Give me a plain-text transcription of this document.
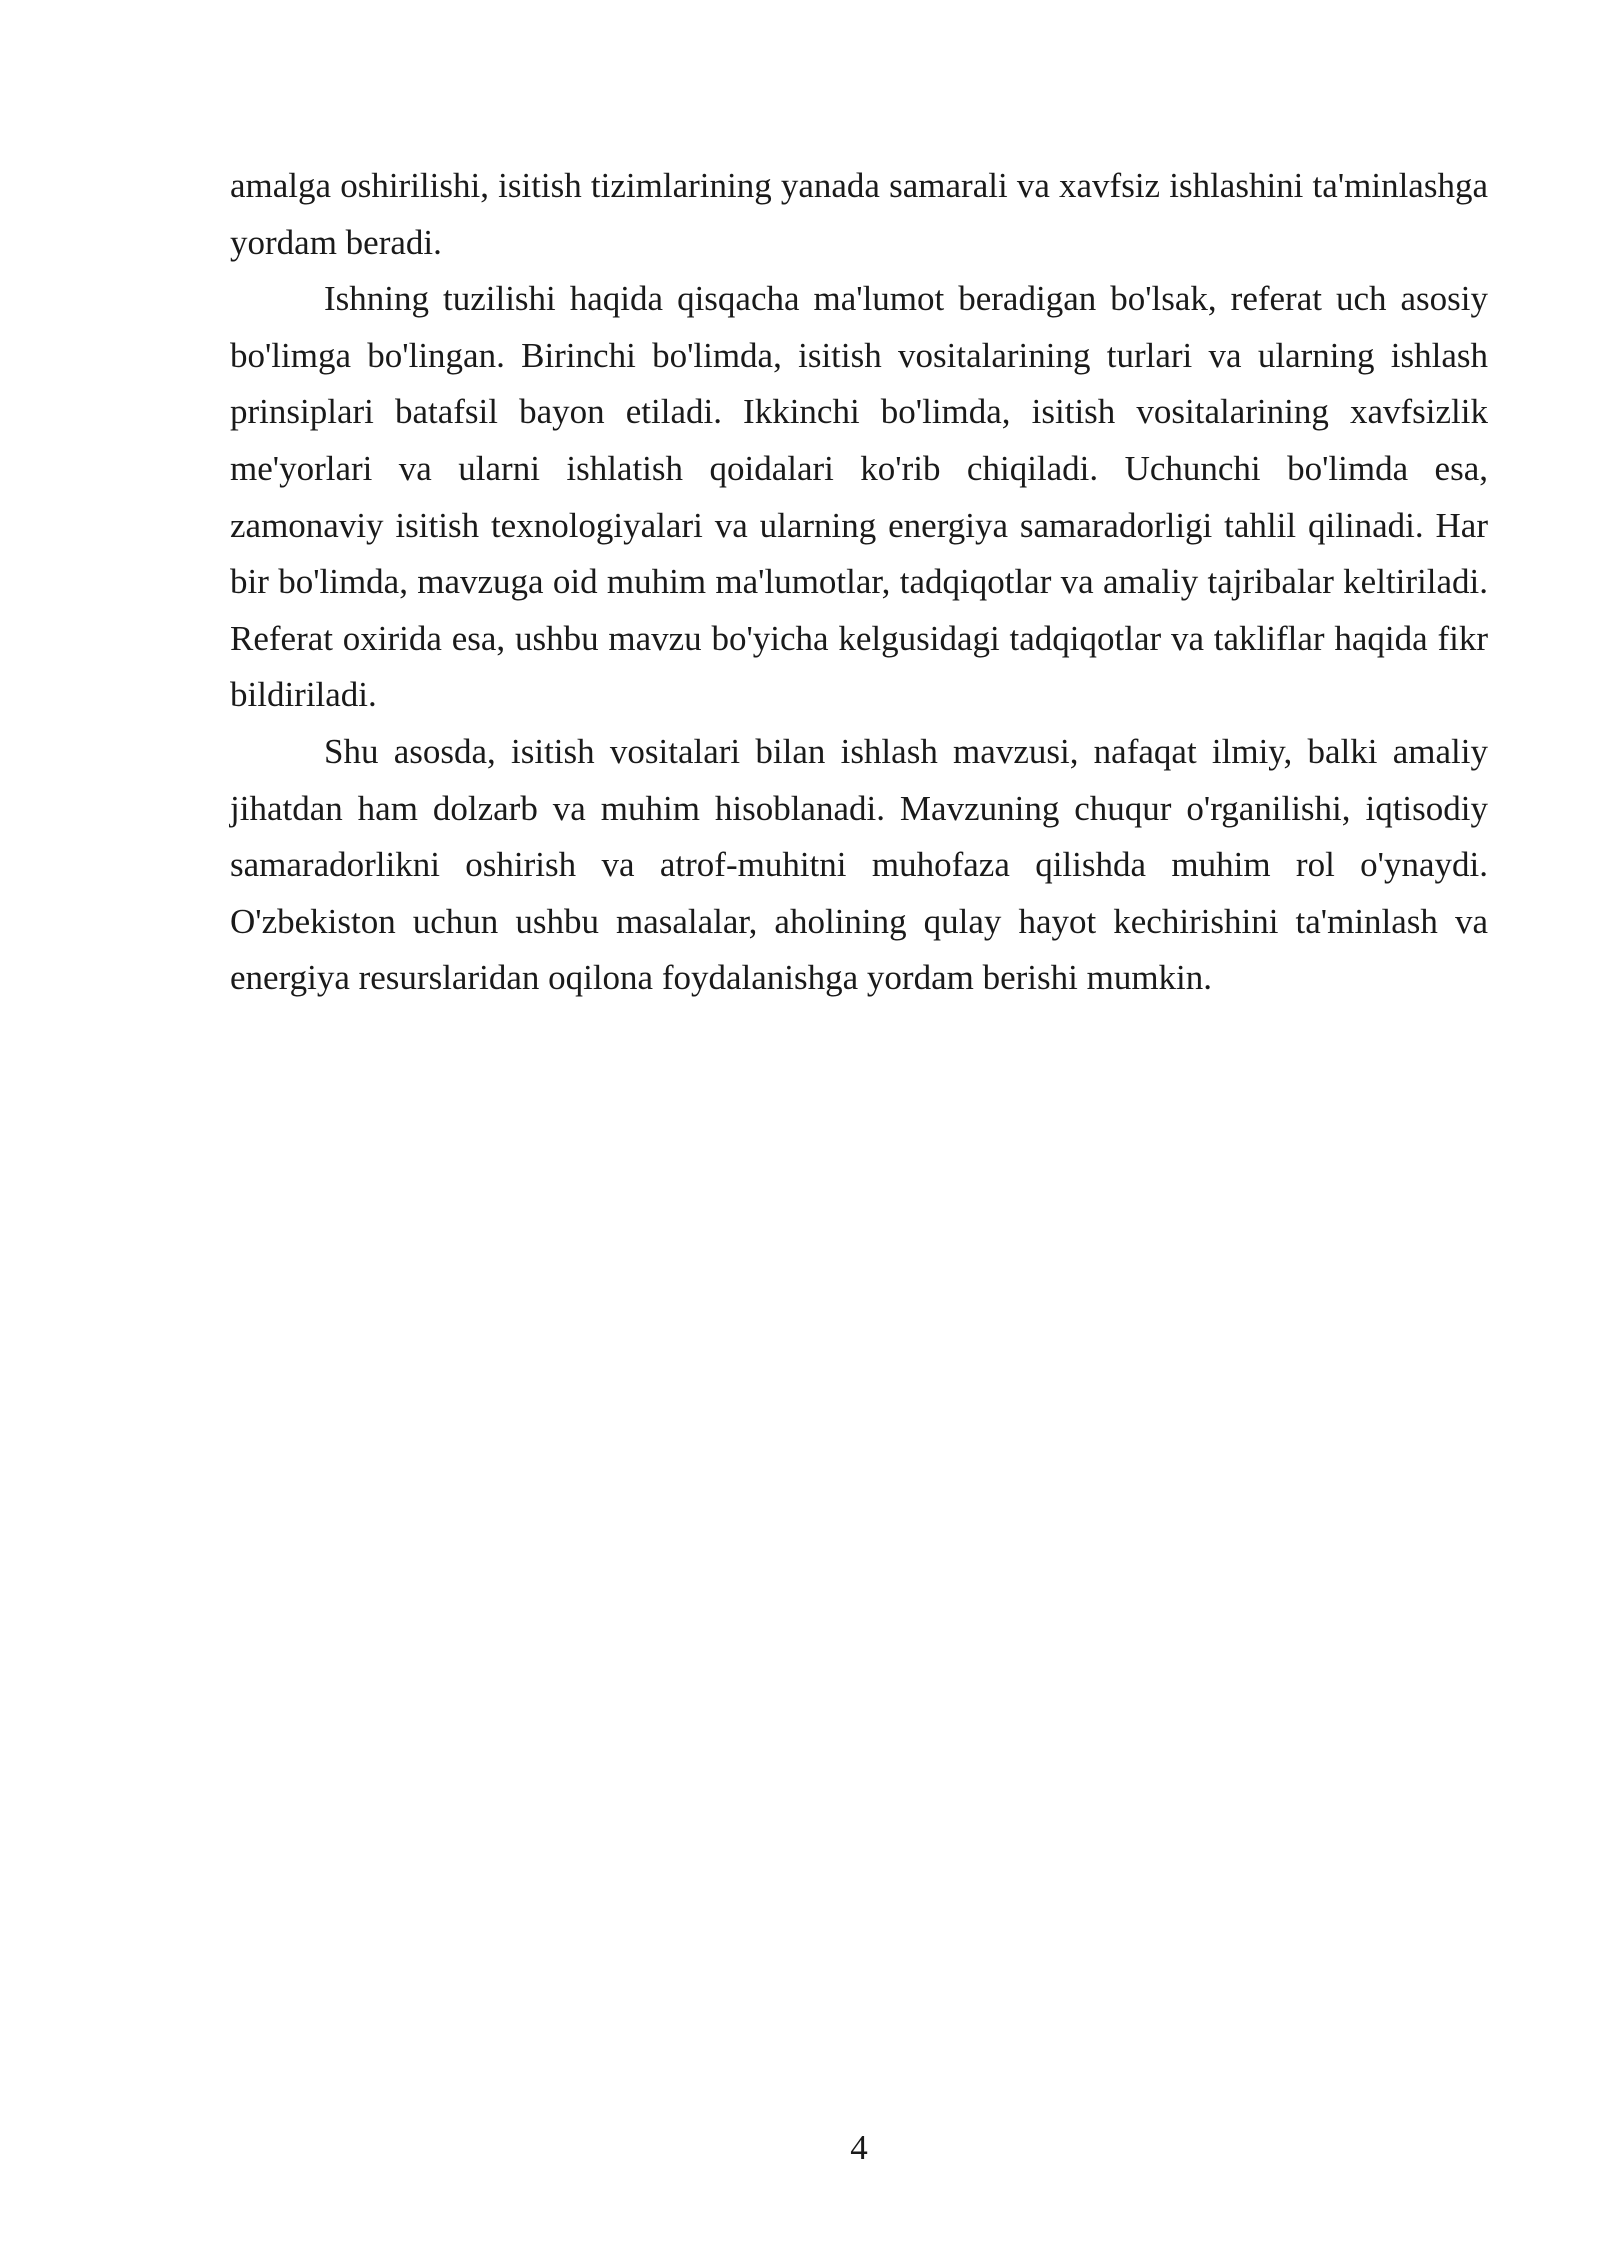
amalga oshirilishi, isitish tizimlarining yanada samarali va xavfsiz ishlashini ta'minlashga yordam beradi.

Ishning tuzilishi haqida qisqacha ma'lumot beradigan bo'lsak, referat uch asosiy bo'limga bo'lingan. Birinchi bo'limda, isitish vositalarining turlari va ularning ishlash prinsiplari batafsil bayon etiladi. Ikkinchi bo'limda, isitish vositalarining xavfsizlik me'yorlari va ularni ishlatish qoidalari ko'rib chiqiladi. Uchunchi bo'limda esa, zamonaviy isitish texnologiyalari va ularning energiya samaradorligi tahlil qilinadi. Har bir bo'limda, mavzuga oid muhim ma'lumotlar, tadqiqotlar va amaliy tajribalar keltiriladi. Referat oxirida esa, ushbu mavzu bo'yicha kelgusidagi tadqiqotlar va takliflar haqida fikr bildiriladi.

Shu asosda, isitish vositalari bilan ishlash mavzusi, nafaqat ilmiy, balki amaliy jihatdan ham dolzarb va muhim hisoblanadi. Mavzuning chuqur o'rganilishi, iqtisodiy samaradorlikni oshirish va atrof-muhitni muhofaza qilishda muhim rol o'ynaydi. O'zbekiston uchun ushbu masalalar, aholining qulay hayot kechirishini ta'minlash va energiya resurslaridan oqilona foydalanishga yordam berishi mumkin.

4
